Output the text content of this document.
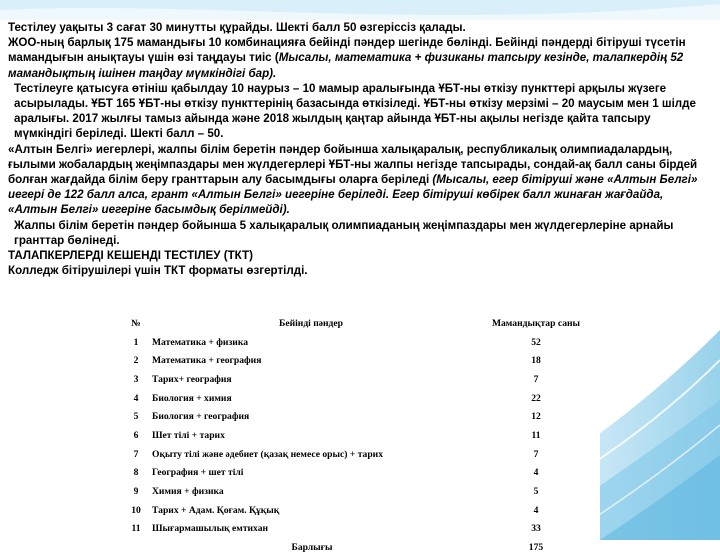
Тестілеу уақыты 3 сағат 30 минутты құрайды. Шекті балл 50 өзгеріссіз қалады.

ЖОО-ның барлық 175 мамандығы 10 комбинацияға бейінді пәндер шегінде бөлінді. Бейінді пәндерді бітіруші түсетін мамандығын анықтауы үшін өзі таңдауы тиіс (Мысалы, математика + физиканы тапсыру кезінде, талапкердің 52 мамандықтың ішінен таңдау мүмкіндігі бар).

Тестілеуге қатысуға өтініш қабылдау 10 наурыз – 10 мамыр аралығында ҰБТ-ны өткізу пункттері арқылы жүзеге асырылады. ҰБТ 165 ҰБТ-ны өткізу пункттерінің базасында өткізіледі. ҰБТ-ны өткізу мерзімі – 20 маусым мен 1 шілде аралығы. 2017 жылғы тамыз айында және 2018 жылдың қаңтар айында ҰБТ-ны ақылы негізде қайта тапсыру мүмкіндігі беріледі. Шекті балл – 50.

«Алтын Белгі» иегерлері, жалпы білім беретін пәндер бойынша халықаралық, республикалық олимпиадалардың, ғылыми жобалардың жеңімпаздары мен жүлдегерлері ҰБТ-ны жалпы негізде тапсырады, сондай-ақ балл саны бірдей болған жағдайда білім беру гранттарын алу басымдығы оларға беріледі (Мысалы, егер бітіруші және «Алтын Белгі» иегері де 122 балл алса, грант «Алтын Белгі» иегеріне беріледі. Егер бітіруші көбірек балл жинаған жағдайда, «Алтын Белгі» иегеріне басымдық берілмейді).

Жалпы білім беретін пәндер бойынша 5 халықаралық олимпиаданың жеңімпаздары мен жүлдегерлеріне арнайы гранттар бөлінеді.

ТАЛАПКЕРЛЕРДІ КЕШЕНДІ ТЕСТІЛЕУ (ТКТ)

Колледж бітірушілері үшін ТКТ форматы өзгертілді.

№	Бейінді пәндер	Мамандықтар саны
1	Математика + физика	52
2	Математика + география	18
3	Тарих+ география	7
4	Биология + химия	22
5	Биология + география	12
6	Шет тілі + тарих	11
7	Оқыту тілі және әдебиет (қазақ немесе орыс) + тарих	7
8	География + шет тілі	4
9	Химия + физика	5
10	Тарих + Адам. Қоғам. Құқық	4
11	Шығармашылық емтихан	33
	Барлығы	175
